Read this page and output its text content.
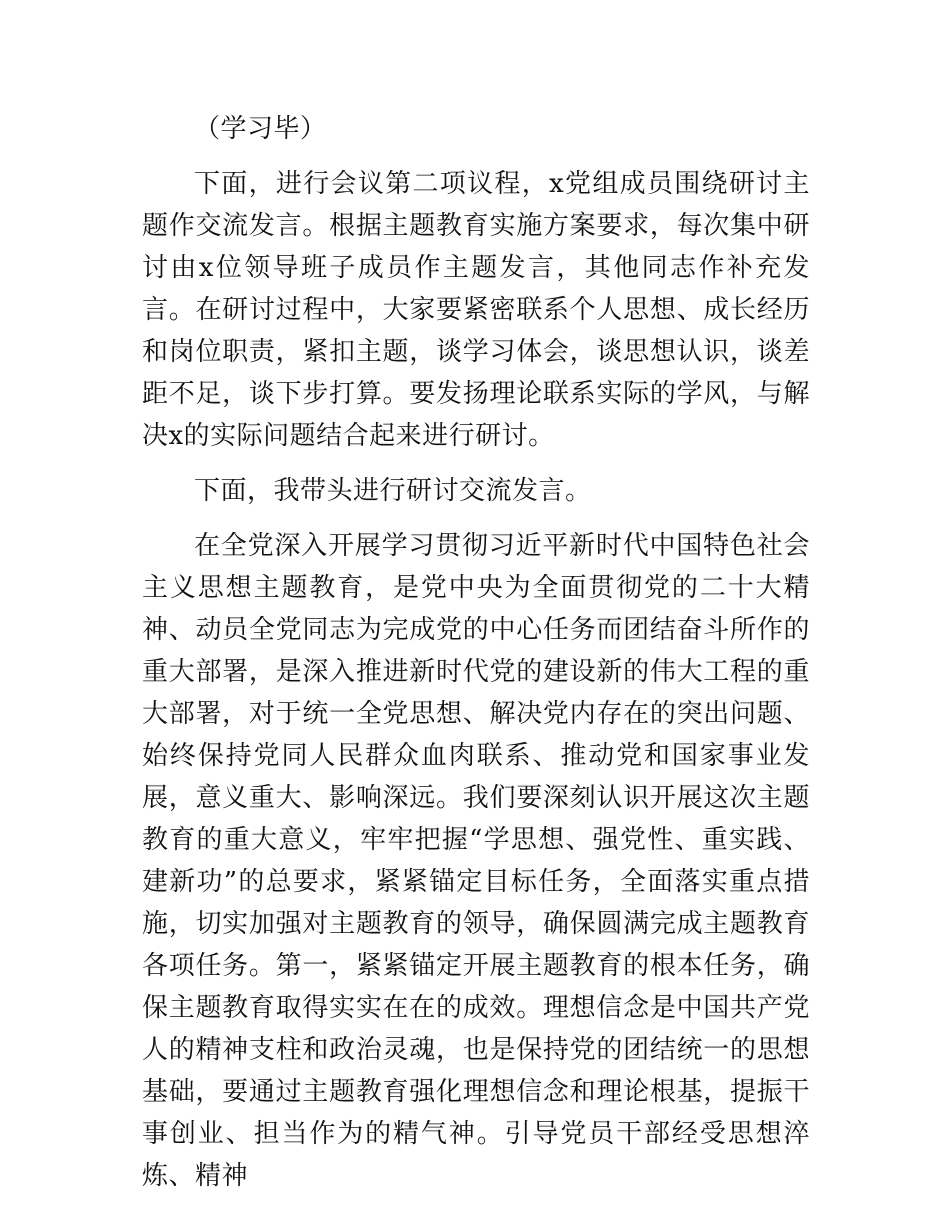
（学习毕）

下面，进行会议第二项议程，x党组成员围绕研讨主题作交流发言。根据主题教育实施方案要求，每次集中研讨由x位领导班子成员作主题发言，其他同志作补充发言。在研讨过程中，大家要紧密联系个人思想、成长经历和岗位职责，紧扣主题，谈学习体会，谈思想认识，谈差距不足，谈下步打算。要发扬理论联系实际的学风，与解决x的实际问题结合起来进行研讨。

下面，我带头进行研讨交流发言。

在全党深入开展学习贯彻习近平新时代中国特色社会主义思想主题教育，是党中央为全面贯彻党的二十大精神、动员全党同志为完成党的中心任务而团结奋斗所作的重大部署，是深入推进新时代党的建设新的伟大工程的重大部署，对于统一全党思想、解决党内存在的突出问题、始终保持党同人民群众血肉联系、推动党和国家事业发展，意义重大、影响深远。我们要深刻认识开展这次主题教育的重大意义，牢牢把握“学思想、强党性、重实践、建新功”的总要求，紧紧锚定目标任务，全面落实重点措施，切实加强对主题教育的领导，确保圆满完成主题教育各项任务。第一，紧紧锚定开展主题教育的根本任务，确保主题教育取得实实在在的成效。理想信念是中国共产党人的精神支柱和政治灵魂，也是保持党的团结统一的思想基础，要通过主题教育强化理想信念和理论根基，提振干事创业、担当作为的精气神。引导党员干部经受思想淬炼、精神
